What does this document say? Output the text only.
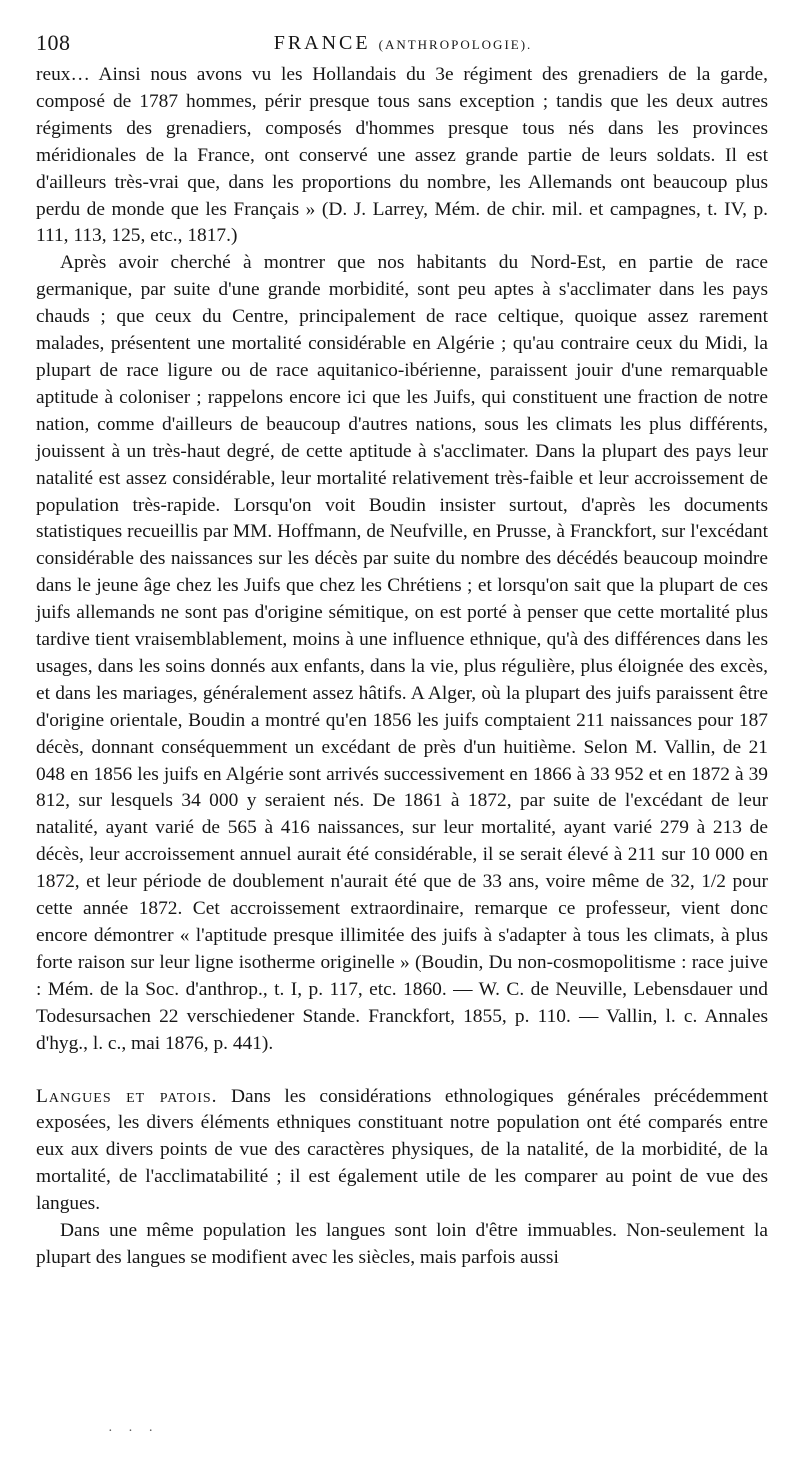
108	FRANCE (ANTHROPOLOGIE).

reux… Ainsi nous avons vu les Hollandais du 3e régiment des grenadiers de la garde, composé de 1787 hommes, périr presque tous sans exception ; tandis que les deux autres régiments des grenadiers, composés d'hommes presque tous nés dans les provinces méridionales de la France, ont conservé une assez grande partie de leurs soldats. Il est d'ailleurs très-vrai que, dans les proportions du nombre, les Allemands ont beaucoup plus perdu de monde que les Français » (D. J. Larrey, Mém. de chir. mil. et campagnes, t. IV, p. 111, 113, 125, etc., 1817.)

Après avoir cherché à montrer que nos habitants du Nord-Est, en partie de race germanique, par suite d'une grande morbidité, sont peu aptes à s'acclimater dans les pays chauds ; que ceux du Centre, principalement de race celtique, quoique assez rarement malades, présentent une mortalité considérable en Algérie ; qu'au contraire ceux du Midi, la plupart de race ligure ou de race aquitanico-ibérienne, paraissent jouir d'une remarquable aptitude à coloniser ; rappelons encore ici que les Juifs, qui constituent une fraction de notre nation, comme d'ailleurs de beaucoup d'autres nations, sous les climats les plus différents, jouissent à un très-haut degré, de cette aptitude à s'acclimater. Dans la plupart des pays leur natalité est assez considérable, leur mortalité relativement très-faible et leur accroissement de population très-rapide. Lorsqu'on voit Boudin insister surtout, d'après les documents statistiques recueillis par MM. Hoffmann, de Neufville, en Prusse, à Franckfort, sur l'excédant considérable des naissances sur les décès par suite du nombre des décédés beaucoup moindre dans le jeune âge chez les Juifs que chez les Chrétiens ; et lorsqu'on sait que la plupart de ces juifs allemands ne sont pas d'origine sémitique, on est porté à penser que cette mortalité plus tardive tient vraisemblablement, moins à une influence ethnique, qu'à des différences dans les usages, dans les soins donnés aux enfants, dans la vie, plus régulière, plus éloignée des excès, et dans les mariages, généralement assez hâtifs. A Alger, où la plupart des juifs paraissent être d'origine orientale, Boudin a montré qu'en 1856 les juifs comptaient 211 naissances pour 187 décès, donnant conséquemment un excédant de près d'un huitième. Selon M. Vallin, de 21 048 en 1856 les juifs en Algérie sont arrivés successivement en 1866 à 33 952 et en 1872 à 39 812, sur lesquels 34 000 y seraient nés. De 1861 à 1872, par suite de l'excédant de leur natalité, ayant varié de 565 à 416 naissances, sur leur mortalité, ayant varié 279 à 213 de décès, leur accroissement annuel aurait été considérable, il se serait élevé à 211 sur 10 000 en 1872, et leur période de doublement n'aurait été que de 33 ans, voire même de 32, 1/2 pour cette année 1872. Cet accroissement extraordinaire, remarque ce professeur, vient donc encore démontrer « l'aptitude presque illimitée des juifs à s'adapter à tous les climats, à plus forte raison sur leur ligne isotherme originelle » (Boudin, Du non-cosmopolitisme : race juive : Mém. de la Soc. d'anthrop., t. I, p. 117, etc. 1860. — W. C. de Neuville, Lebensdauer und Todesursachen 22 verschiedener Stande. Franckfort, 1855, p. 110. — Vallin, l. c. Annales d'hyg., l. c., mai 1876, p. 441).

Langues et patois. Dans les considérations ethnologiques générales précédemment exposées, les divers éléments ethniques constituant notre population ont été comparés entre eux aux divers points de vue des caractères physiques, de la natalité, de la morbidité, de la mortalité, de l'acclimatabilité ; il est également utile de les comparer au point de vue des langues.

Dans une même population les langues sont loin d'être immuables. Non-seulement la plupart des langues se modifient avec les siècles, mais parfois aussi

· · ·
